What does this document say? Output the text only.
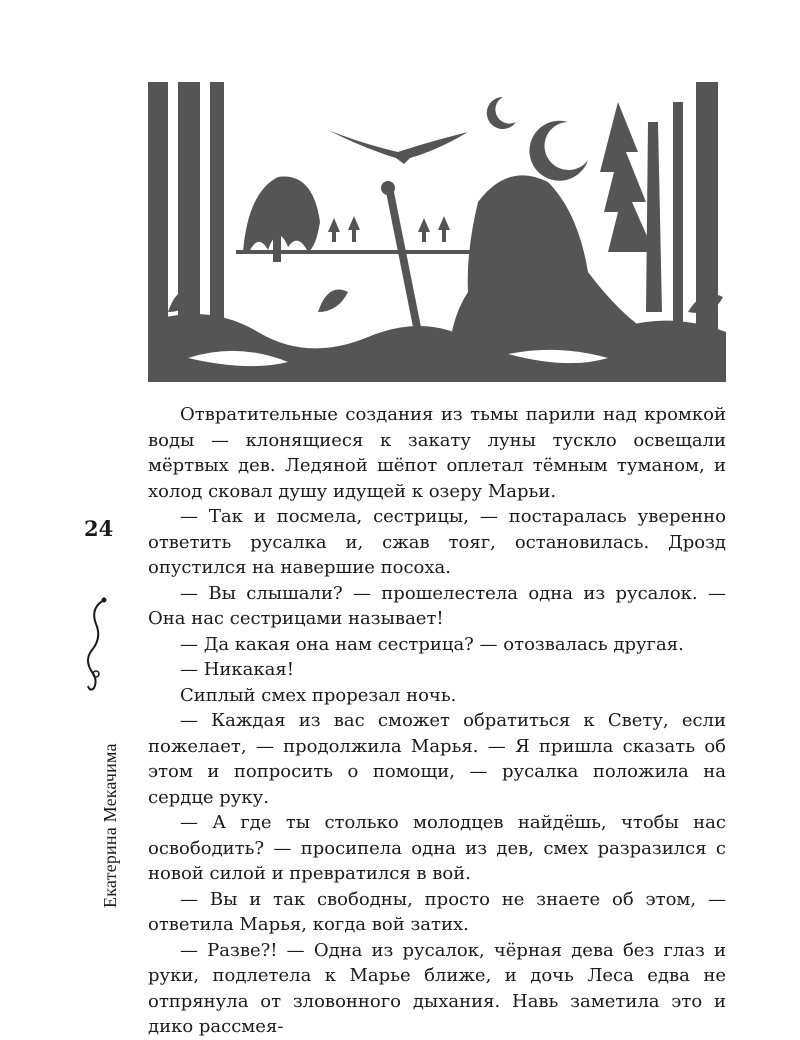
24
Екатерина Мекачима

Отвратительные создания из тьмы парили над кромкой воды — клонящиеся к закату луны тускло освещали мёртвых дев. Ледяной шёпот оплетал тёмным туманом, и холод сковал душу идущей к озеру Марьи.

— Так и посмела, сестрицы, — постаралась уверенно ответить русалка и, сжав тояг, остановилась. Дрозд опустился на навершие посоха.

— Вы слышали? — прошелестела одна из русалок. — Она нас сестрицами называет!

— Да какая она нам сестрица? — отозвалась другая.

— Никакая!

Сиплый смех прорезал ночь.

— Каждая из вас сможет обратиться к Свету, если пожелает, — продолжила Марья. — Я пришла сказать об этом и попросить о помощи, — русалка положила на сердце руку.

— А где ты столько молодцев найдёшь, чтобы нас освободить? — просипела одна из дев, смех разразился с новой силой и превратился в вой.

— Вы и так свободны, просто не знаете об этом, — ответила Марья, когда вой затих.

— Разве?! — Одна из русалок, чёрная дева без глаз и руки, подлетела к Марье ближе, и дочь Леса едва не отпрянула от зловонного дыхания. Навь заметила это и дико рассмея-
